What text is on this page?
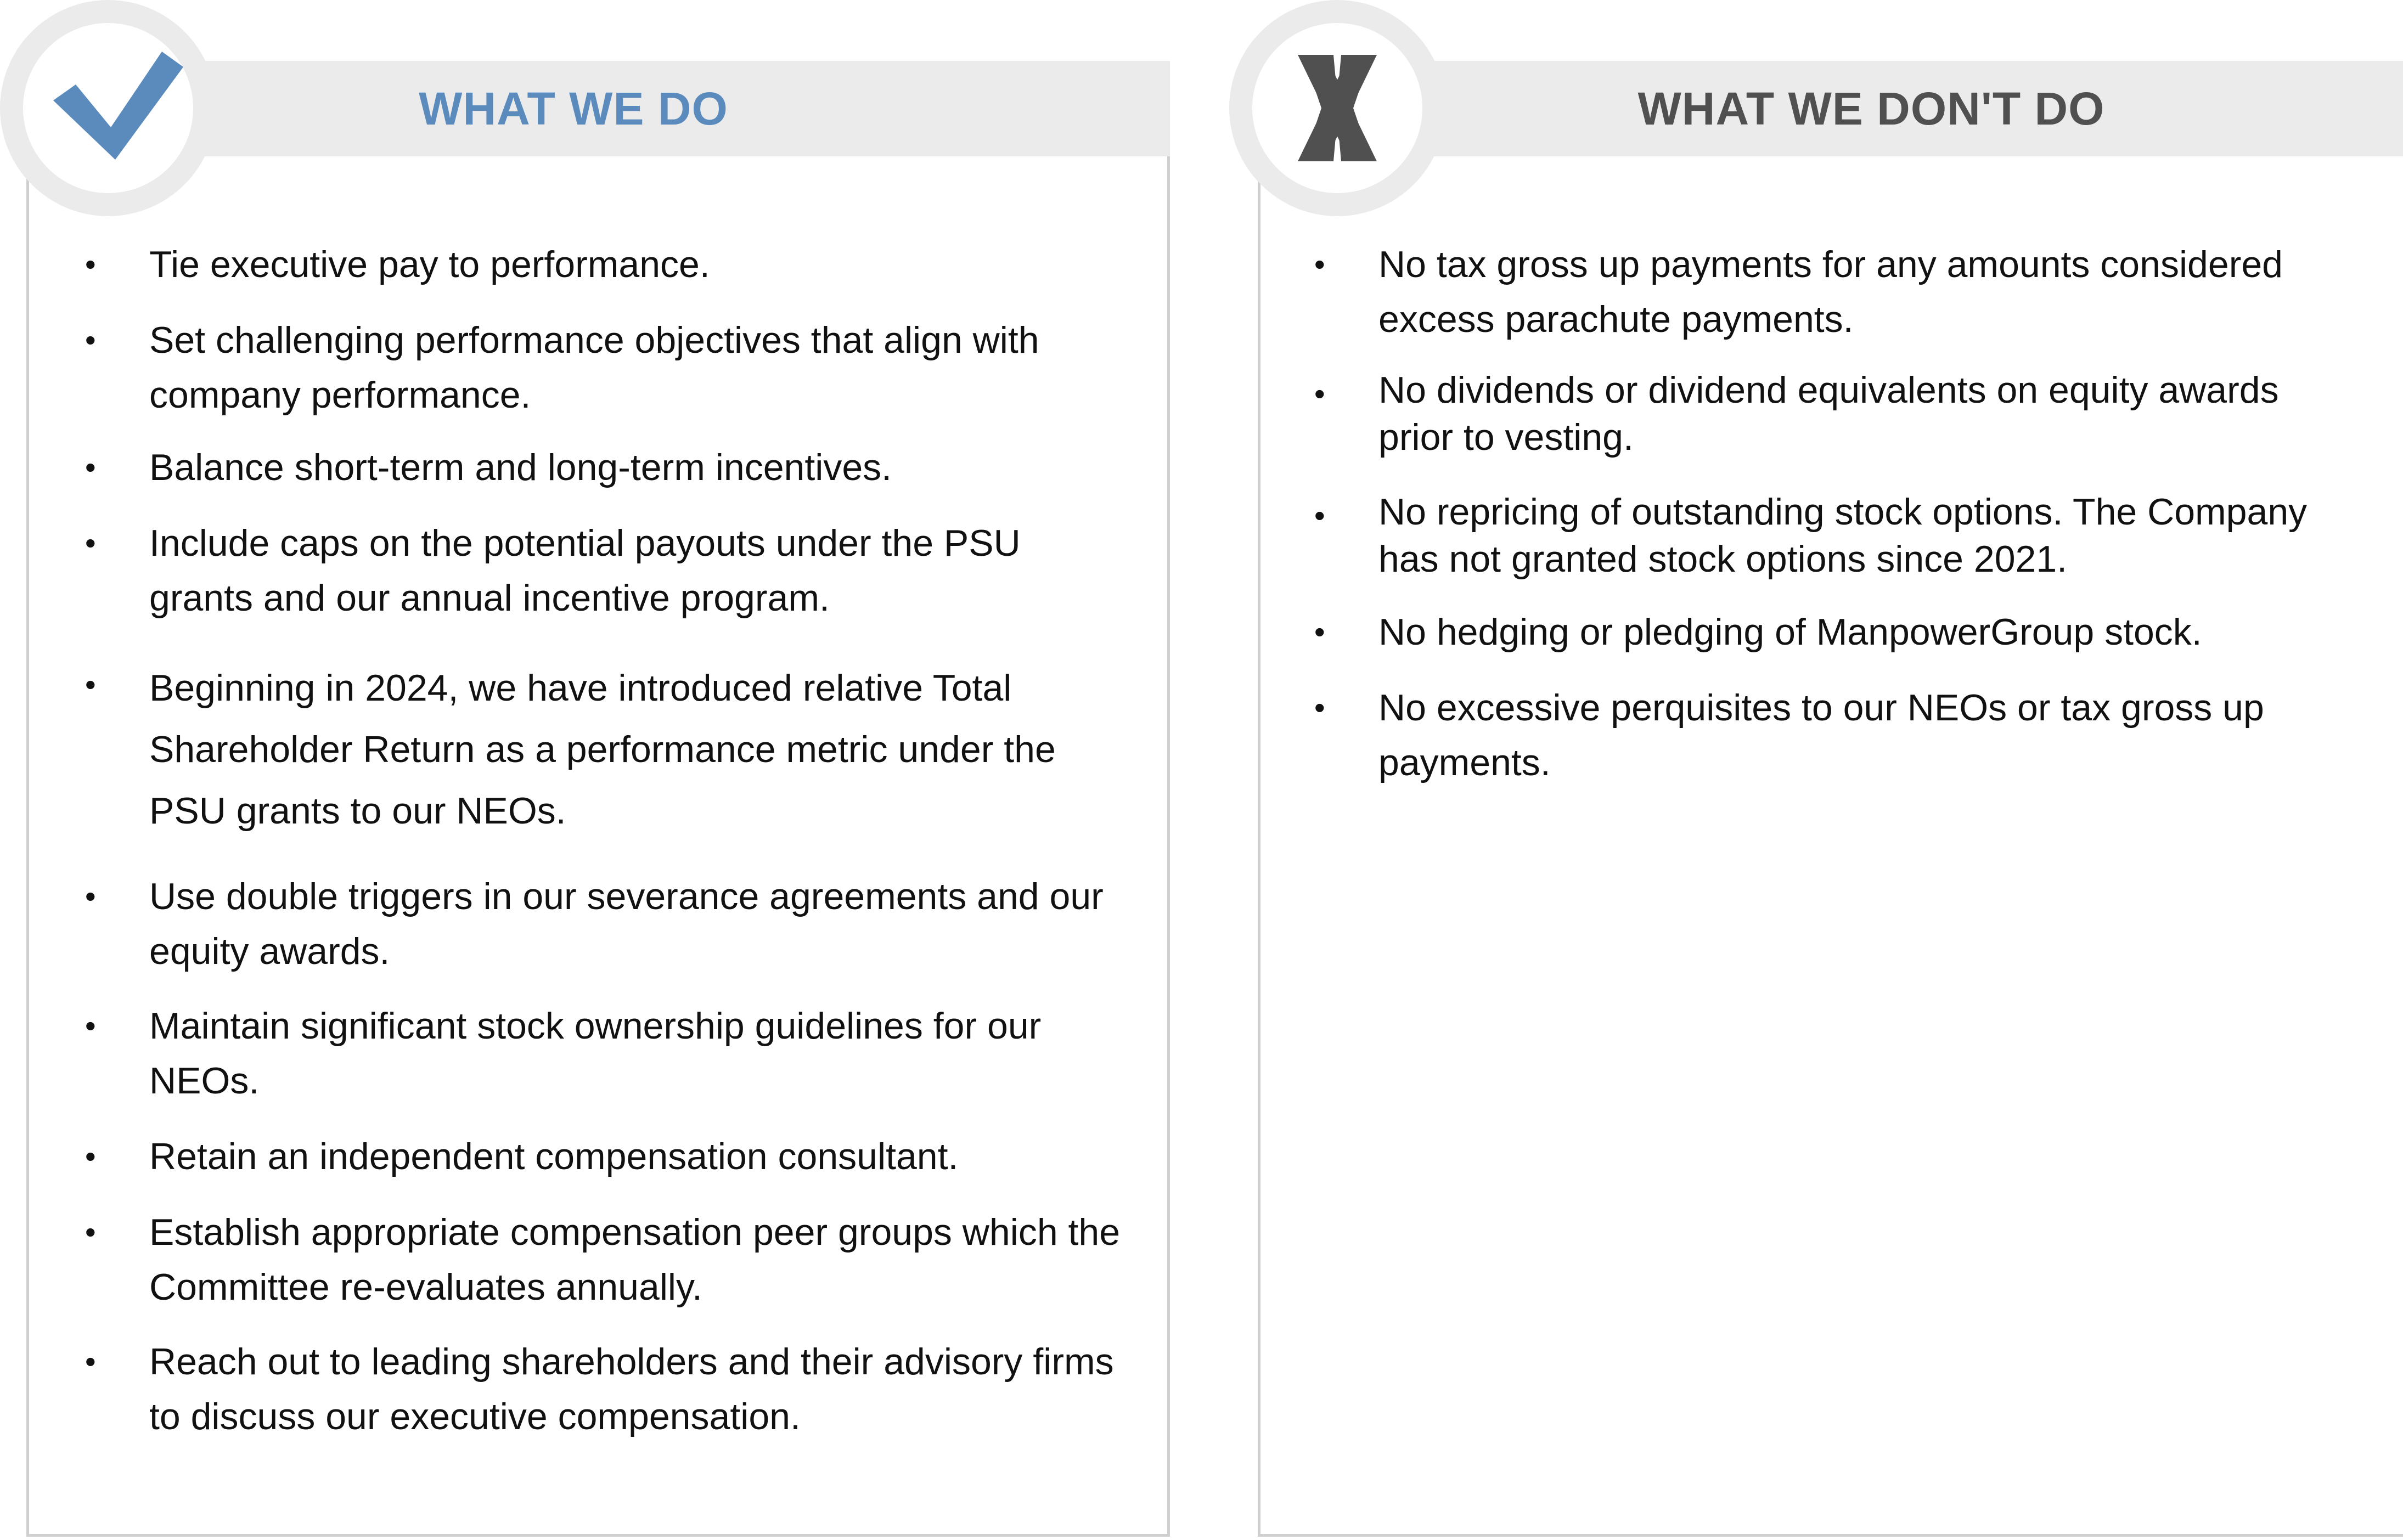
WHAT WE DO
• Tie executive pay to performance.
• Set challenging performance objectives that align with company performance.
• Balance short-term and long-term incentives.
• Include caps on the potential payouts under the PSU grants and our annual incentive program.
• Beginning in 2024, we have introduced relative Total Shareholder Return as a performance metric under the PSU grants to our NEOs.
• Use double triggers in our severance agreements and our equity awards.
• Maintain significant stock ownership guidelines for our NEOs.
• Retain an independent compensation consultant.
• Establish appropriate compensation peer groups which the Committee re-evaluates annually.
• Reach out to leading shareholders and their advisory firms to discuss our executive compensation.
WHAT WE DON'T DO
• No tax gross up payments for any amounts considered excess parachute payments.
• No dividends or dividend equivalents on equity awards prior to vesting.
• No repricing of outstanding stock options. The Company has not granted stock options since 2021.
• No hedging or pledging of ManpowerGroup stock.
• No excessive perquisites to our NEOs or tax gross up payments.
